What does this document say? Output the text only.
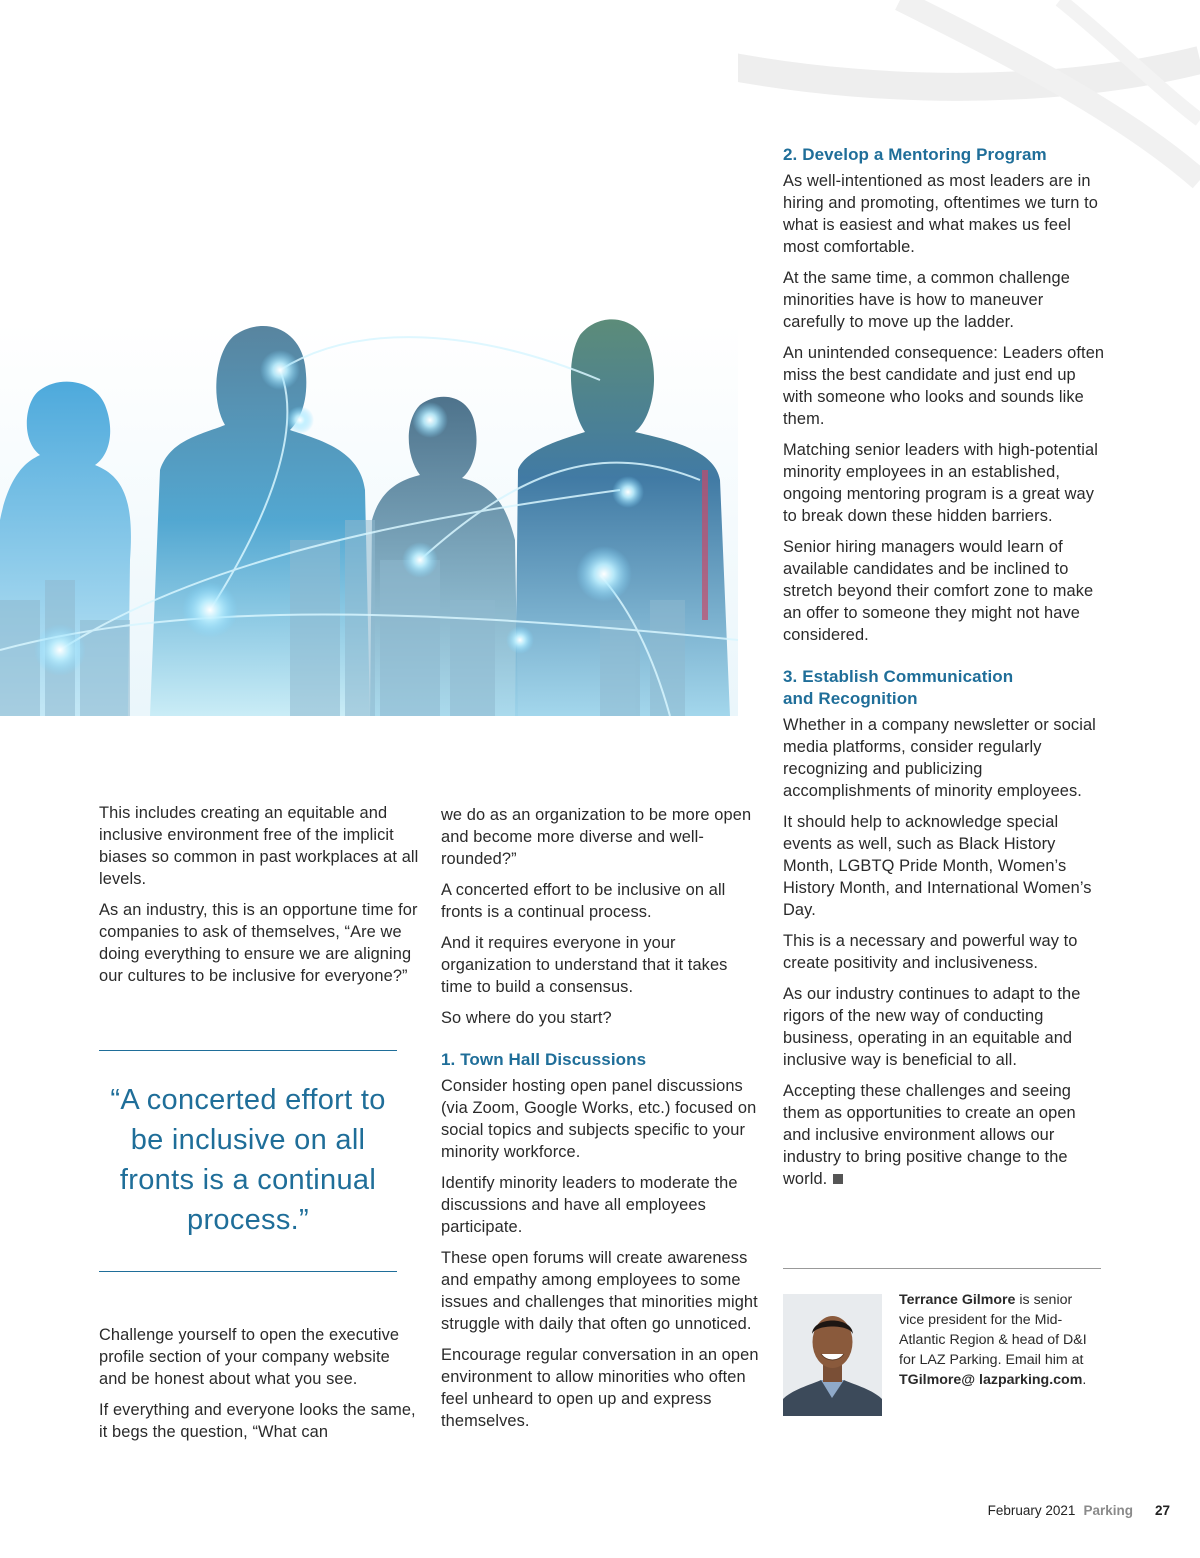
This includes creating an equitable and inclusive environment free of the implicit biases so common in past workplaces at all levels.

As an industry, this is an opportune time for companies to ask of themselves, “Are we doing everything to ensure we are aligning our cultures to be inclusive for everyone?”

“A concerted effort to be inclusive on all fronts is a continual process.”

Challenge yourself to open the executive profile section of your company website and be honest about what you see.

If everything and everyone looks the same, it begs the question, “What can

we do as an organization to be more open and become more diverse and well-rounded?”

A concerted effort to be inclusive on all fronts is a continual process.

And it requires everyone in your organization to understand that it takes time to build a consensus.

So where do you start?

1. Town Hall Discussions

Consider hosting open panel discussions (via Zoom, Google Works, etc.) focused on social topics and subjects specific to your minority workforce.

Identify minority leaders to moderate the discussions and have all employees participate.

These open forums will create awareness and empathy among employees to some issues and challenges that minorities might struggle with daily that often go unnoticed.

Encourage regular conversation in an open environment to allow minorities who often feel unheard to open up and express themselves.

2. Develop a Mentoring Program

As well-intentioned as most leaders are in hiring and promoting, oftentimes we turn to what is easiest and what makes us feel most comfortable.

At the same time, a common challenge minorities have is how to maneuver carefully to move up the ladder.

An unintended consequence: Leaders often miss the best candidate and just end up with someone who looks and sounds like them.

Matching senior leaders with high-potential minority employees in an established, ongoing mentoring program is a great way to break down these hidden barriers.

Senior hiring managers would learn of available candidates and be inclined to stretch beyond their comfort zone to make an offer to someone they might not have considered.

3. Establish Communication and Recognition

Whether in a company newsletter or social media platforms, consider regularly recognizing and publicizing accomplishments of minority employees.

It should help to acknowledge special events as well, such as Black History Month, LGBTQ Pride Month, Women’s History Month, and International Women’s Day.

This is a necessary and powerful way to create positivity and inclusiveness.

As our industry continues to adapt to the rigors of the new way of conducting business, operating in an equitable and inclusive way is beneficial to all.

Accepting these challenges and seeing them as opportunities to create an open and inclusive environment allows our industry to bring positive change to the world.

Terrance Gilmore is senior vice president for the Mid-Atlantic Region & head of D&I for LAZ Parking. Email him at TGilmore@ lazparking.com.
February 2021 Parking 27
